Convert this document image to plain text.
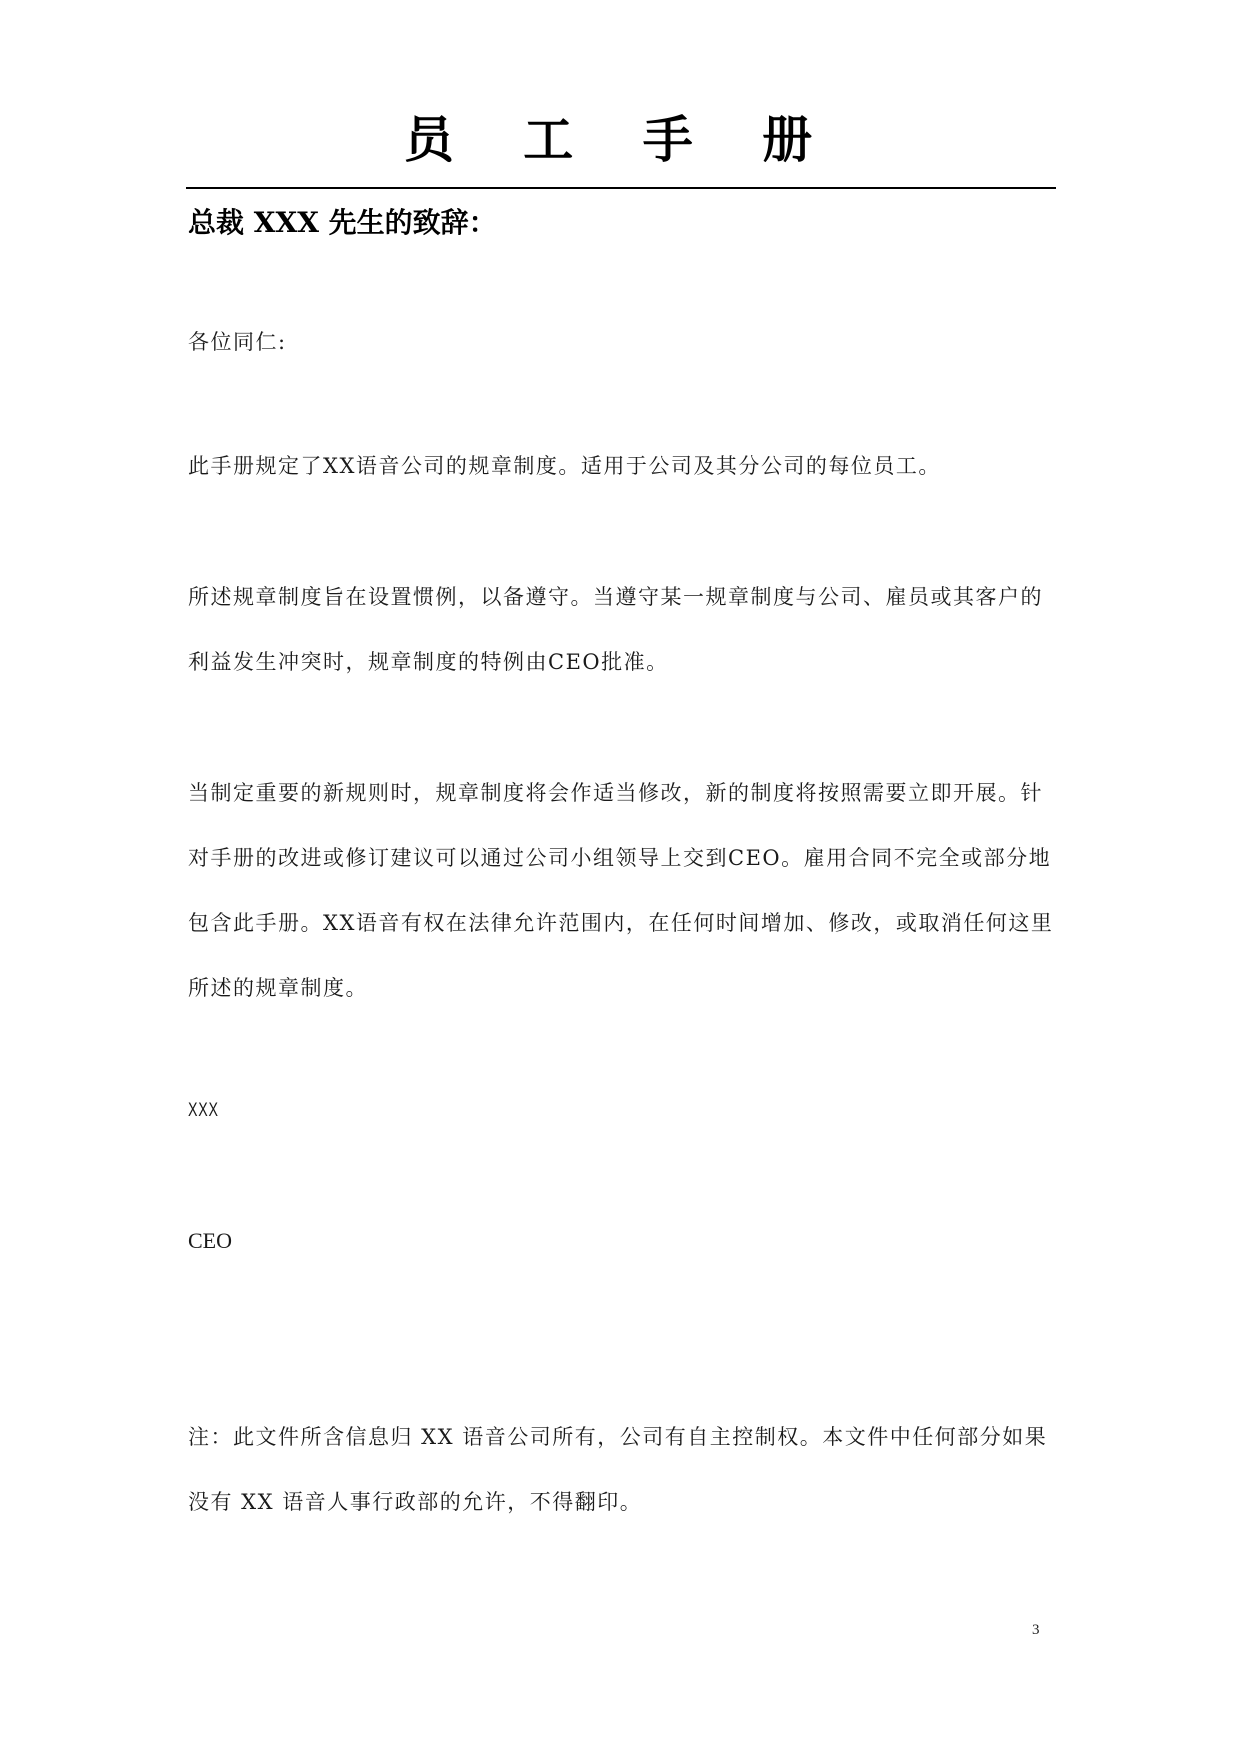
员 工 手 册
总裁 XXX 先生的致辞：

各位同仁:

此手册规定了XX语音公司的规章制度。适用于公司及其分公司的每位员工。

所述规章制度旨在设置惯例，以备遵守。当遵守某一规章制度与公司、雇员或其客户的利益发生冲突时，规章制度的特例由CEO批准。

当制定重要的新规则时，规章制度将会作适当修改，新的制度将按照需要立即开展。针对手册的改进或修订建议可以通过公司小组领导上交到CEO。雇用合同不完全或部分地包含此手册。XX语音有权在法律允许范围内，在任何时间增加、修改，或取消任何这里所述的规章制度。

XXX
CEO

注：此文件所含信息归 XX 语音公司所有，公司有自主控制权。本文件中任何部分如果没有 XX 语音人事行政部的允许，不得翻印。

3
